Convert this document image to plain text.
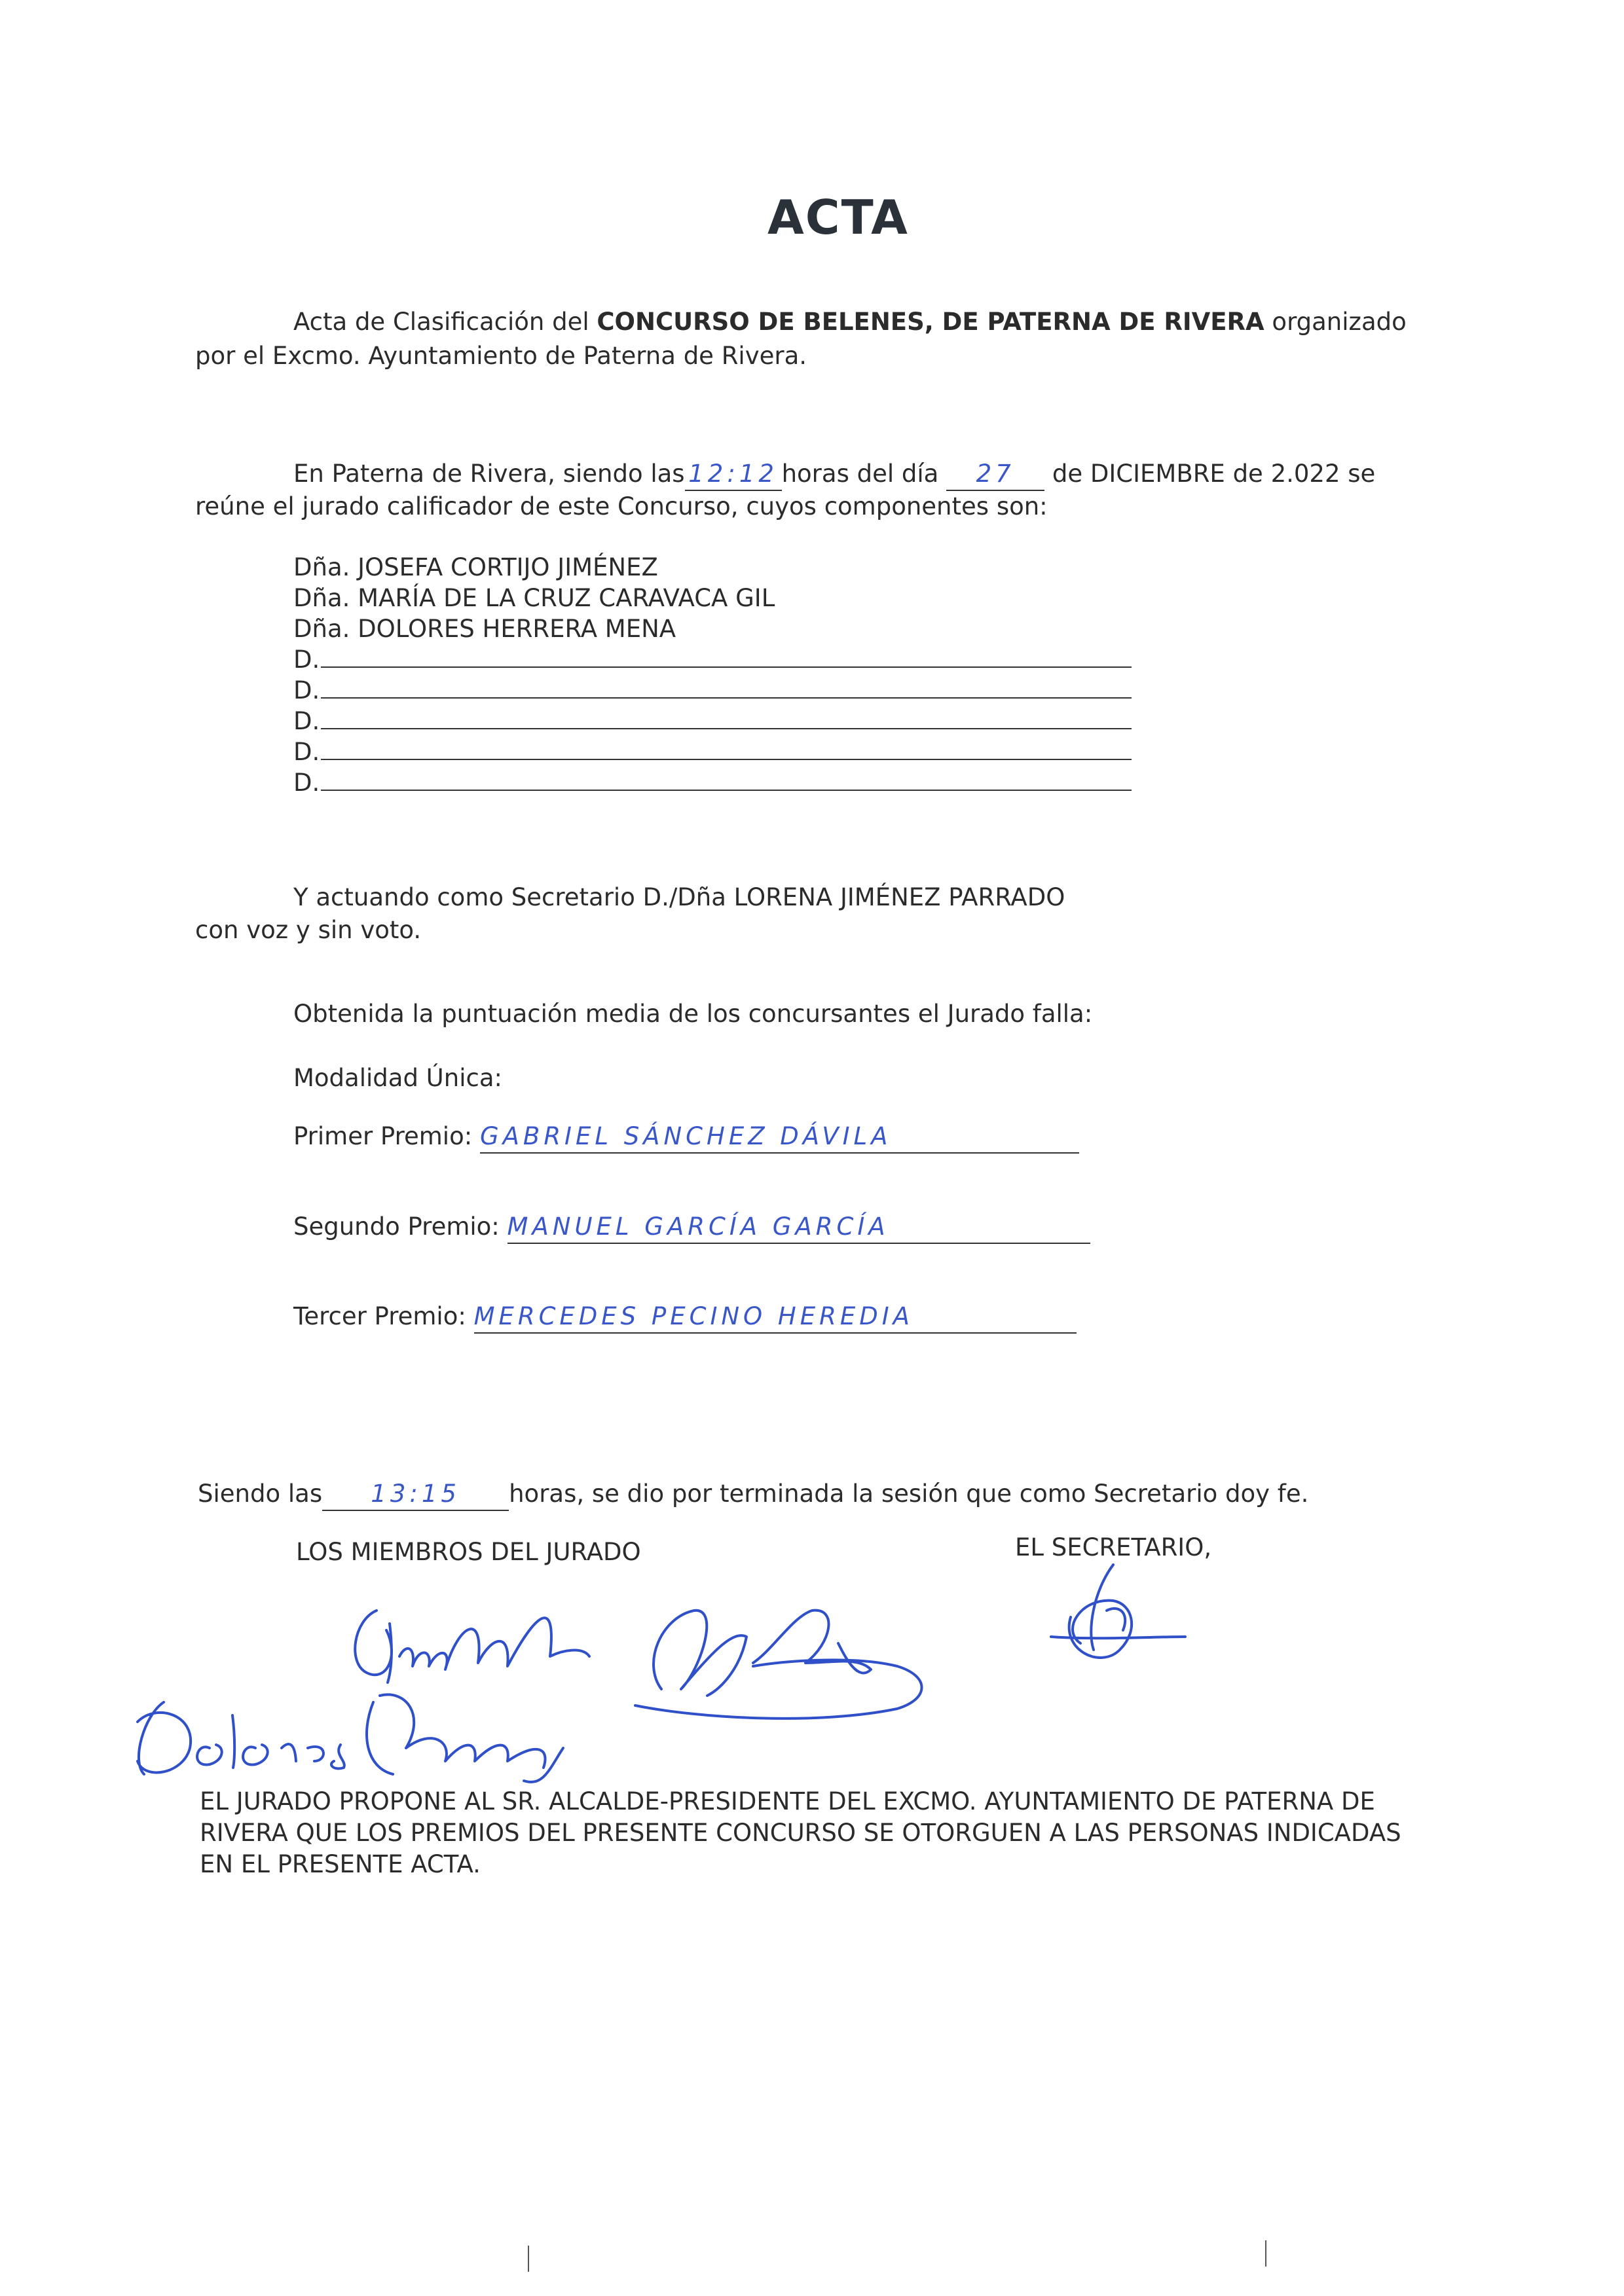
ACTA
Acta de Clasificación del CONCURSO DE BELENES, DE PATERNA DE RIVERA organizado
por el Excmo. Ayuntamiento de Paterna de Rivera.
En Paterna de Rivera, siendo las 12:12 horas del día 27 de DICIEMBRE de 2.022 se
reúne el jurado calificador de este Concurso, cuyos componentes son:
Dña. JOSEFA CORTIJO JIMÉNEZ
Dña. MARÍA DE LA CRUZ CARAVACA GIL
Dña. DOLORES HERRERA MENA
D.
D.
D.
D.
D.
Y actuando como Secretario D./Dña LORENA JIMÉNEZ PARRADO
con voz y sin voto.
Obtenida la puntuación media de los concursantes el Jurado falla:
Modalidad Única:
Primer Premio: GABRIEL SÁNCHEZ DÁVILA
Segundo Premio: MANUEL GARCÍA GARCÍA
Tercer Premio: MERCEDES PECINO HEREDIA
Siendo las 13:15 horas, se dio por terminada la sesión que como Secretario doy fe.
LOS MIEMBROS DEL JURADO	EL SECRETARIO,
EL JURADO PROPONE AL SR. ALCALDE-PRESIDENTE DEL EXCMO. AYUNTAMIENTO DE PATERNA DE
RIVERA QUE LOS PREMIOS DEL PRESENTE CONCURSO SE OTORGUEN A LAS PERSONAS INDICADAS
EN EL PRESENTE ACTA.
